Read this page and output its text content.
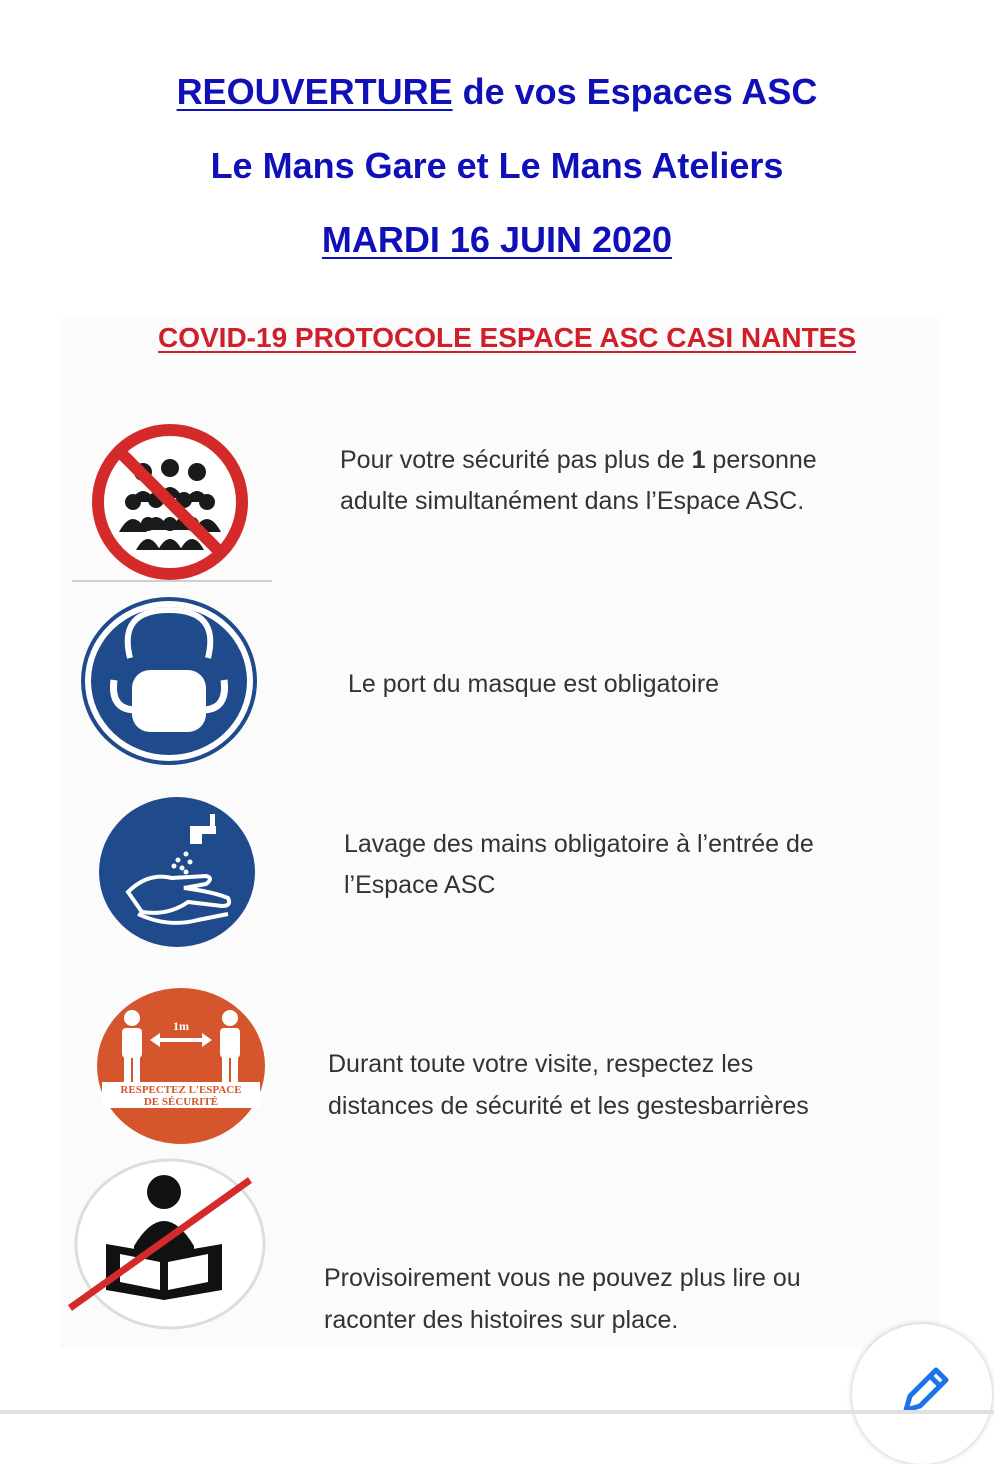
REOUVERTURE de vos Espaces ASC
Le Mans Gare et Le Mans Ateliers
MARDI 16 JUIN 2020
COVID-19 PROTOCOLE ESPACE ASC CASI NANTES
Pour votre sécurité pas plus de 1 personne
adulte simultanément dans l’Espace ASC.
Le port du masque est obligatoire
Lavage des mains obligatoire à l’entrée de
l’Espace ASC
1m
RESPECTEZ L'ESPACE
DE SÉCURITÉ
Durant toute votre visite, respectez les
distances de sécurité et les gestesbarrières
Provisoirement vous ne pouvez plus lire ou
raconter des histoires sur place.
